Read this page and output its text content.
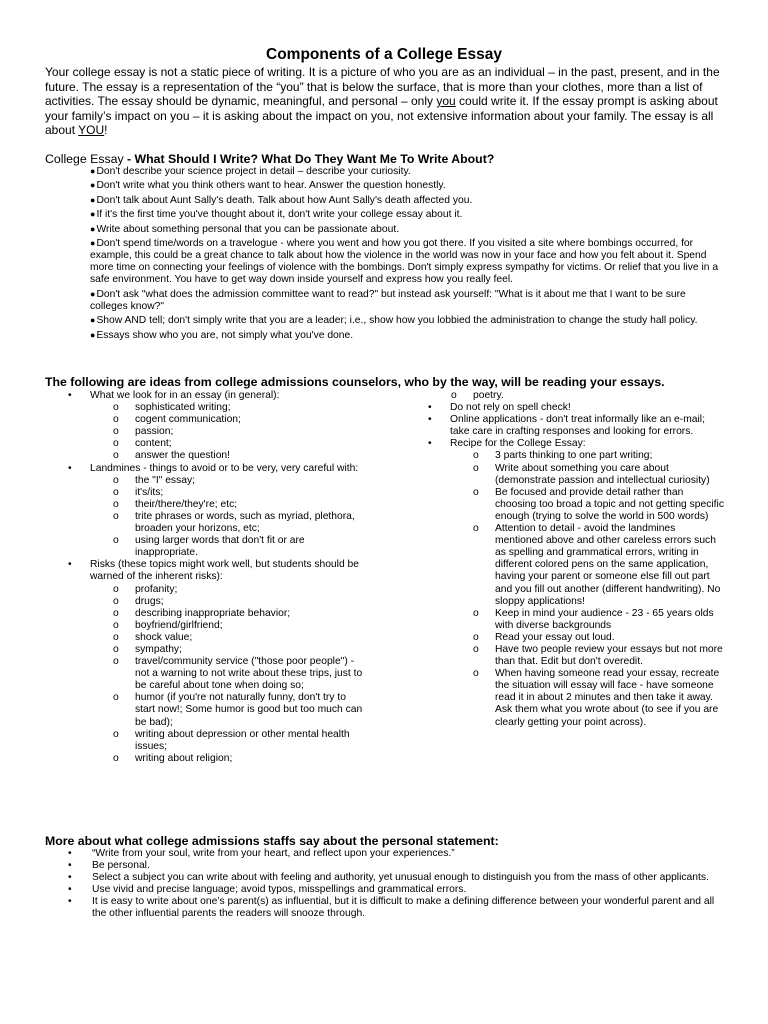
Components of a College Essay

Your college essay is not a static piece of writing. It is a picture of who you are as an individual – in the past, present, and in the future. The essay is a representation of the “you” that is below the surface, that is more than your clothes, more than a list of activities. The essay should be dynamic, meaningful, and personal – only you could write it. If the essay prompt is asking about your family’s impact on you – it is asking about the impact on you, not extensive information about your family. The essay is all about YOU!

College Essay - What Should I Write? What Do They Want Me To Write About?

● Don't describe your science project in detail – describe your curiosity.
● Don't write what you think others want to hear. Answer the question honestly.
● Don't talk about Aunt Sally's death. Talk about how Aunt Sally's death affected you.
● If it's the first time you've thought about it, don't write your college essay about it.
● Write about something personal that you can be passionate about.
● Don't spend time/words on a travelogue - where you went and how you got there. If you visited a site where bombings occurred, for example, this could be a great chance to talk about how the violence in the world was now in your face and how you felt about it. Spend more time on connecting your feelings of violence with the bombings. Don't simply express sympathy for victims. Or relief that you live in a safe environment. You have to get way down inside yourself and express how you really feel.
● Don't ask "what does the admission committee want to read?" but instead ask yourself: "What is it about me that I want to be sure colleges know?"
● Show AND tell; don't simply write that you are a leader; i.e., show how you lobbied the administration to change the study hall policy.
● Essays show who you are, not simply what you've done.

The following are ideas from college admissions counselors, who by the way, will be reading your essays.

• What we look for in an essay (in general):
o sophisticated writing;
o cogent communication;
o passion;
o content;
o answer the question!
• Landmines - things to avoid or to be very, very careful with:
o the "I" essay;
o it's/its;
o their/there/they're; etc;
o trite phrases or words, such as myriad, plethora, broaden your horizons, etc;
o using larger words that don't fit or are inappropriate.
• Risks (these topics might work well, but students should be warned of the inherent risks):
o profanity;
o drugs;
o describing inappropriate behavior;
o boyfriend/girlfriend;
o shock value;
o sympathy;
o travel/community service ("those poor people") - not a warning to not write about these trips, just to be careful about tone when doing so;
o humor (if you're not naturally funny, don't try to start now!; Some humor is good but too much can be bad);
o writing about depression or other mental health issues;
o writing about religion;
o poetry.
• Do not rely on spell check!
• Online applications - don't treat informally like an e-mail; take care in crafting responses and looking for errors.
• Recipe for the College Essay:
o 3 parts thinking to one part writing;
o Write about something you care about (demonstrate passion and intellectual curiosity)
o Be focused and provide detail rather than choosing too broad a topic and not getting specific enough (trying to solve the world in 500 words)
o Attention to detail - avoid the landmines mentioned above and other careless errors such as spelling and grammatical errors, writing in different colored pens on the same application, having your parent or someone else fill out part and you fill out another (different handwriting). No sloppy applications!
o Keep in mind your audience - 23 - 65 years olds with diverse backgrounds
o Read your essay out loud.
o Have two people review your essays but not more than that. Edit but don't overedit.
o When having someone read your essay, recreate the situation will essay will face - have someone read it in about 2 minutes and then take it away. Ask them what you wrote about (to see if you are clearly getting your point across).

More about what college admissions staffs say about the personal statement:

• “Write from your soul, write from your heart, and reflect upon your experiences.”
• Be personal.
• Select a subject you can write about with feeling and authority, yet unusual enough to distinguish you from the mass of other applicants.
• Use vivid and precise language; avoid typos, misspellings and grammatical errors.
• It is easy to write about one’s parent(s) as influential, but it is difficult to make a defining difference between your wonderful parent and all the other influential parents the readers will snooze through.
